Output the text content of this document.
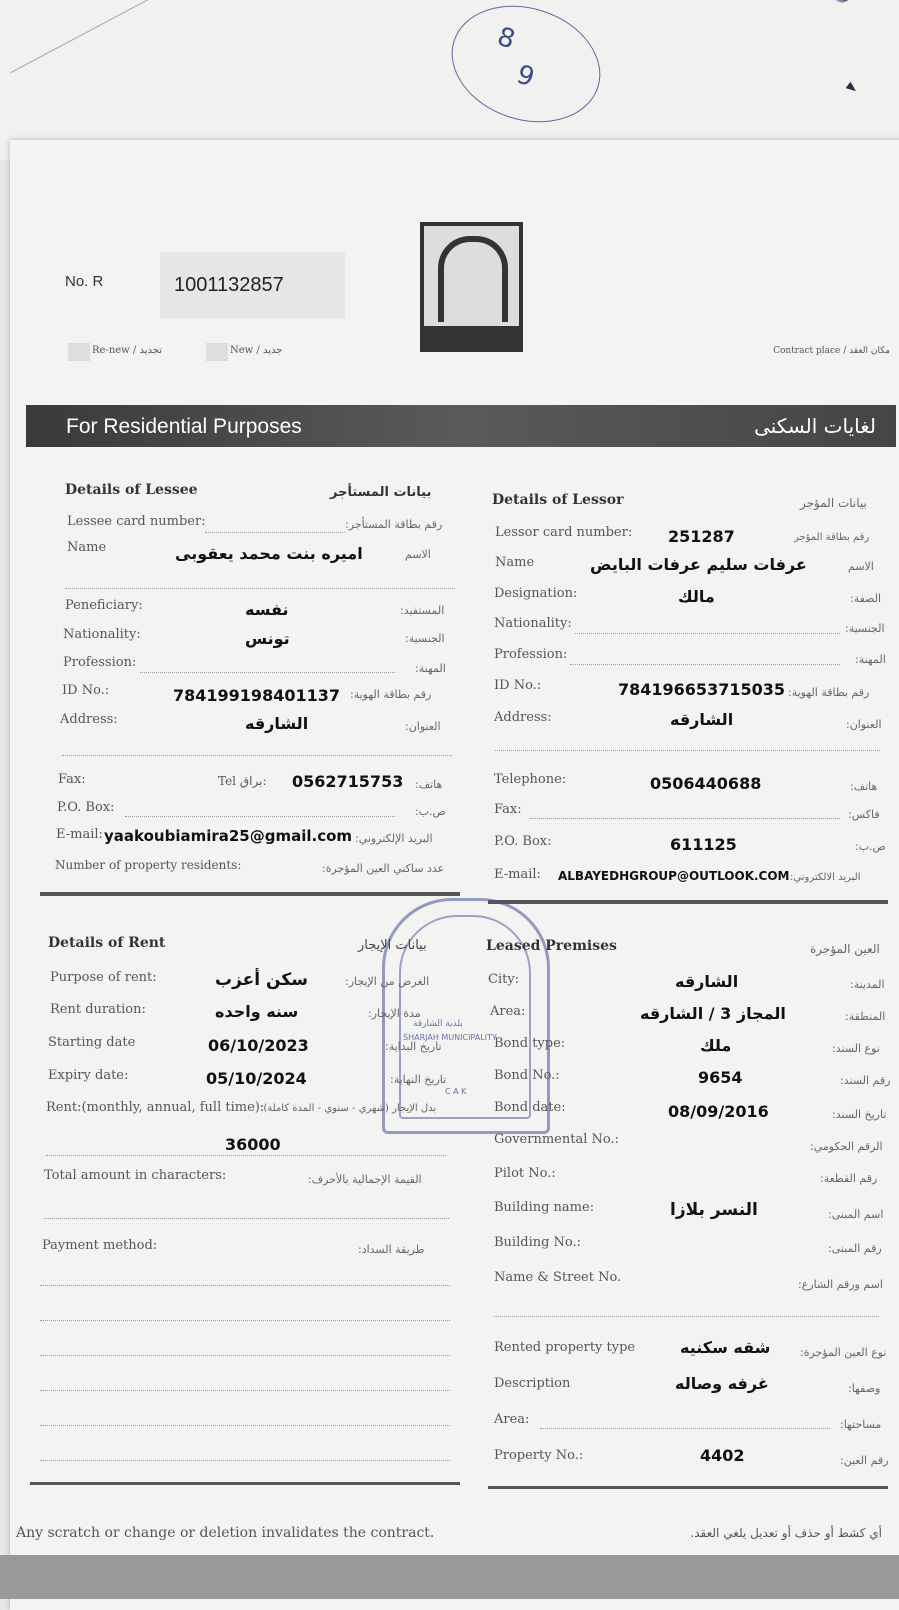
8
9
No. R	1001132857
Re-new / تجديد	New / جديد	Contract place / مكان العقد
For Residential Purposes	لغايات السكنى
Details of Lessee	بيانات المستأجر
Lessee card number:	رقم بطاقة المستأجر:
Name	اميره بنت محمد يعقوبى	الاسم
Peneficiary:	نفسه	المستفيد:
Nationality:	تونس	الجنسية:
Profession:	المهنة:
ID No.:	784199198401137 رقم بطاقة الهوية:
Address:	الشارقه	العنوان:
Fax:	Tel براق: 0562715753 هاتف:
P.O. Box:	ص.ب:
E-mail: yaakoubiamira25@gmail.com البريد الإلكتروني:
Number of property residents:	عدد ساكني العين المؤجرة:
Details of Lessor	بيانات المؤجر
Lessor card number: 251287	رقم بطاقة المؤجر
Name	عرفات سليم عرفات البايض	الاسم
Designation:	مالك	الصفة:
Nationality:	الجنسية:
Profession:	المهنة:
ID No.:	784196653715035 رقم بطاقة الهوية:
Address:	الشارقه	العنوان:
Telephone:	0506440688	هاتف:
Fax:	فاكس:
P.O. Box:	611125	ص.ب:
E-mail: ALBAYEDHGROUP@OUTLOOK.COM البريد الالكتروني:
Details of Rent	بيانات الإيجار
Purpose of rent:	سكن أعزب	الغرض من الإيجار:
Rent duration:	سنه واحده	مدة الإيجار:
Starting date	06/10/2023	تاريخ البداية:
Expiry date:	05/10/2024	تاريخ النهاية:
Rent:(monthly, annual, full time):
بدل الإيجار (شهري - سنوي - المدة كاملة):
36000
Total amount in characters:	القيمة الإجمالية بالأحرف:
Payment method:	طريقة السداد:
Leased Premises	العين المؤجرة
City:	الشارقه	المدينة:
Area:	المجاز 3 / الشارقه	المنطقة:
Bond type:	ملك	نوع السند:
Bond No.:	9654	رقم السند:
Bond date:	08/09/2016	تاريخ السند:
Governmental No.:	الرقم الحكومي:
Pilot No.:	رقم القطعة:
Building name:	النسر بلازا	اسم المبنى:
Building No.:	رقم المبنى:
Name & Street No.	اسم ورقم الشارع:
Rented property type	شقه سكنيه	نوع العين المؤجرة:
Description	غرفه وصاله	وصفها:
Area:	مساحتها:
Property No.:	4402	رقم العين:
بلدية الشارقة
SHARJAH MUNICIPALITY
C A K
Any scratch or change or deletion invalidates the contract.	أي كشط أو حذف أو تعديل يلغي العقد.
